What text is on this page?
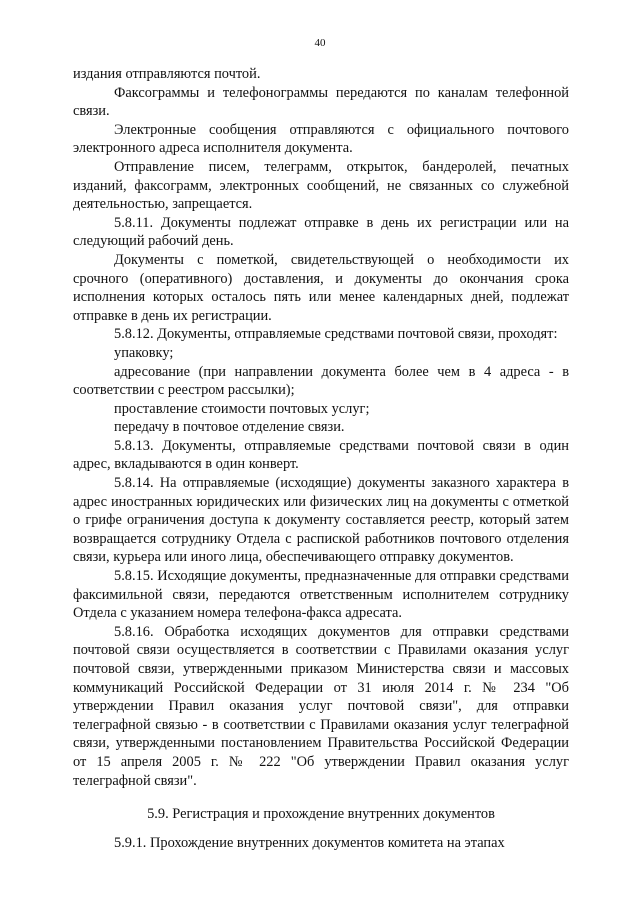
40

издания отправляются почтой.

Факсограммы и телефонограммы передаются по каналам телефонной связи.

Электронные сообщения отправляются с официального почтового электронного адреса исполнителя документа.

Отправление писем, телеграмм, открыток, бандеролей, печатных изданий, факсограмм, электронных сообщений, не связанных со служебной деятельностью, запрещается.

5.8.11. Документы подлежат отправке в день их регистрации или на следующий рабочий день.

Документы с пометкой, свидетельствующей о необходимости их срочного (оперативного) доставления, и документы до окончания срока исполнения которых осталось пять или менее календарных дней, подлежат отправке в день их регистрации.

5.8.12. Документы, отправляемые средствами почтовой связи, проходят:

упаковку;

адресование (при направлении документа более чем в 4 адреса - в соответствии с реестром рассылки);

проставление стоимости почтовых услуг;

передачу в почтовое отделение связи.

5.8.13. Документы, отправляемые средствами почтовой связи в один адрес, вкладываются в один конверт.

5.8.14. На отправляемые (исходящие) документы заказного характера в адрес иностранных юридических или физических лиц на документы с отметкой о грифе ограничения доступа к документу составляется реестр, который затем возвращается сотруднику Отдела с распиской работников почтового отделения связи, курьера или иного лица, обеспечивающего отправку документов.

5.8.15. Исходящие документы, предназначенные для отправки средствами факсимильной связи, передаются ответственным исполнителем сотруднику Отдела с указанием номера телефона-факса адресата.

5.8.16. Обработка исходящих документов для отправки средствами почтовой связи осуществляется в соответствии с Правилами оказания услуг почтовой связи, утвержденными приказом Министерства связи и массовых коммуникаций Российской Федерации от 31 июля 2014 г. № 234 "Об утверждении Правил оказания услуг почтовой связи", для отправки телеграфной связью - в соответствии с Правилами оказания услуг телеграфной связи, утвержденными постановлением Правительства Российской Федерации от 15 апреля 2005 г. № 222 "Об утверждении Правил оказания услуг телеграфной связи".

5.9. Регистрация и прохождение внутренних документов

5.9.1. Прохождение внутренних документов комитета на этапах
